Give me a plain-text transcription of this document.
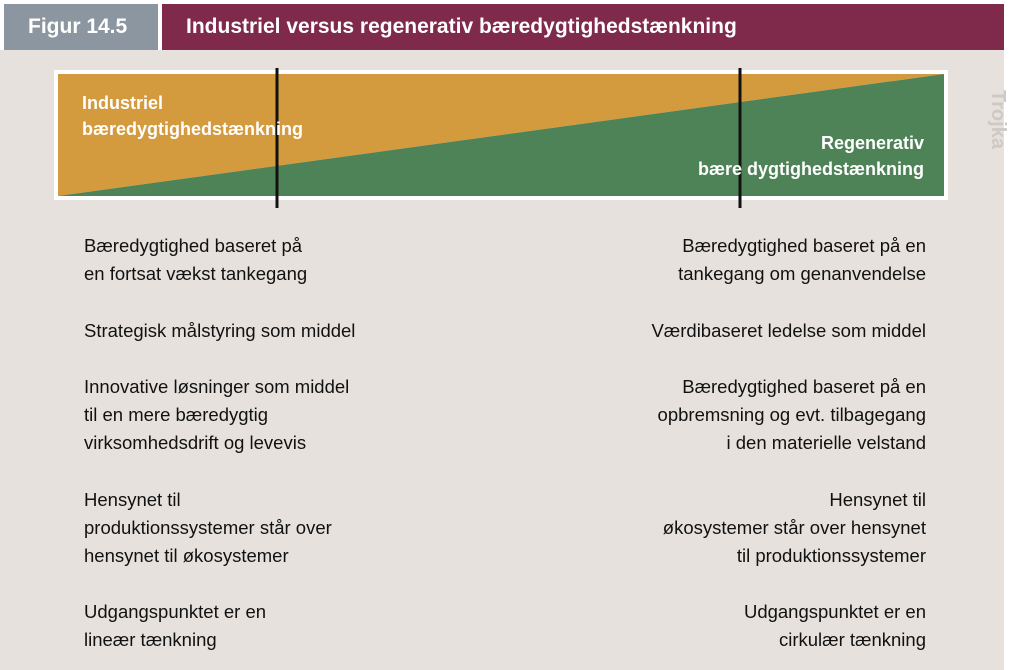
Figur 14.5	Industriel versus regenerativ bæredygtighedstænkning
Industriel
bæredygtighedstænkning
Regenerativ
bære dygtighedstænkning
Trojka
Bæredygtighed baseret på
en fortsat vækst tankegang
Strategisk målstyring som middel
Innovative løsninger som middel
til en mere bæredygtig
virksomhedsdrift og levevis
Hensynet til
produktionssystemer står over
hensynet til økosystemer
Udgangspunktet er en
lineær tænkning
Bæredygtighed baseret på en
tankegang om genanvendelse
Værdibaseret ledelse som middel
Bæredygtighed baseret på en
opbremsning og evt. tilbagegang
i den materielle velstand
Hensynet til
økosystemer står over hensynet
til produktionssystemer
Udgangspunktet er en
cirkulær tænkning
